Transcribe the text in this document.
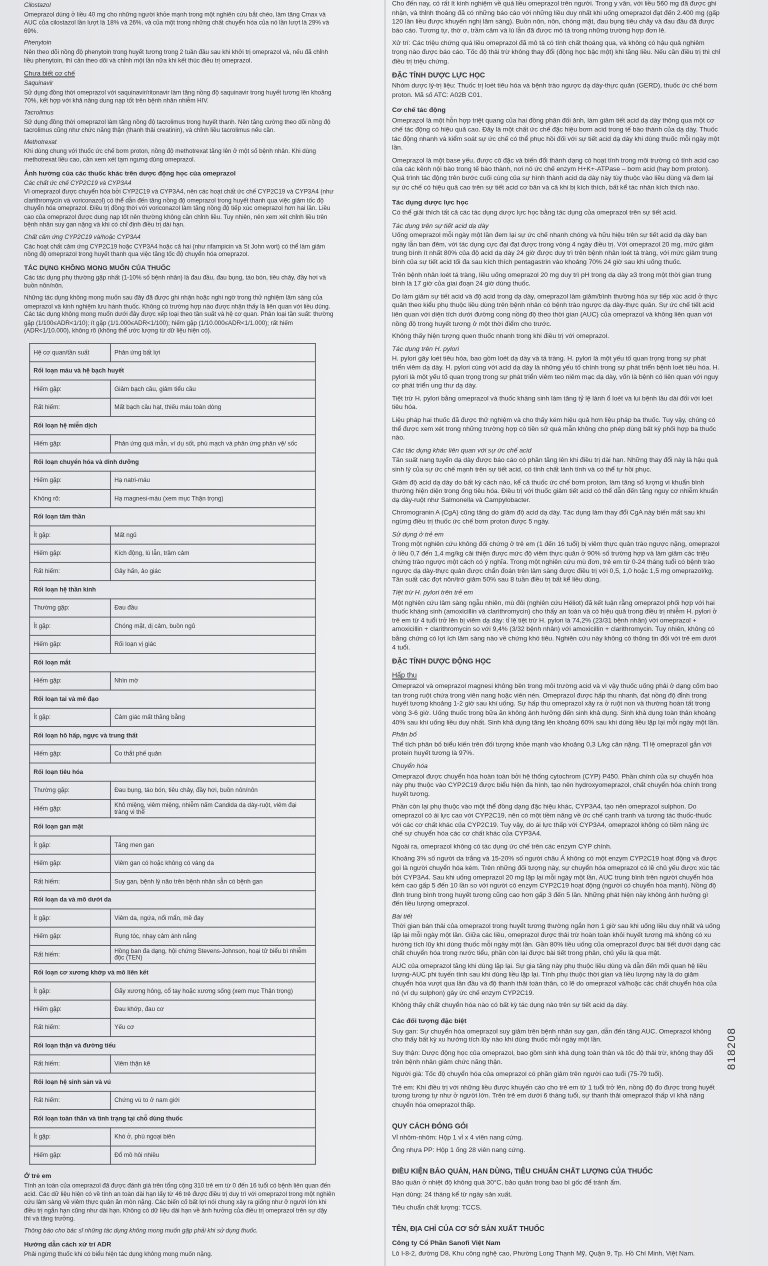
Cilostazol
Omeprazol dùng ở liều 40 mg cho những người khỏe mạnh trong một nghiên cứu bắt chéo, làm tăng Cmax và AUC của cilostazol lần lượt là 18% và 26%, và của một trong những chất chuyển hóa của nó lần lượt là 29% và 69%.
Phenytoin
Nên theo dõi nồng độ phenytoin trong huyết tương trong 2 tuần đầu sau khi khởi trị omeprazol và, nếu đã chỉnh liều phenytoin, thì cần theo dõi và chỉnh một lần nữa khi kết thúc điều trị omeprazol.
Chưa biết cơ chế
Saquinavir
Sử dụng đồng thời omeprazol với saquinavir/ritonavir làm tăng nồng độ saquinavir trong huyết tương lên khoảng 70%, kết hợp với khả năng dung nạp tốt trên bệnh nhân nhiễm HIV.
Tacrolimus
Sử dụng đồng thời omeprazol làm tăng nồng độ tacrolimus trong huyết thanh. Nên tăng cường theo dõi nồng độ tacrolimus cũng như chức năng thận (thanh thải creatinin), và chỉnh liều tacrolimus nếu cần.
Methotrexat
Khi dùng chung với thuốc ức chế bơm proton, nồng độ methotrexat tăng lên ở một số bệnh nhân. Khi dùng methotrexat liều cao, cần xem xét tạm ngưng dùng omeprazol.
Ảnh hưởng của các thuốc khác trên dược động học của omeprazol
Các chất ức chế CYP2C19 và CYP3A4
Vì omeprazol được chuyển hóa bởi CYP2C19 và CYP3A4, nên các hoạt chất ức chế CYP2C19 và CYP3A4 (như clarithromycin và voriconazol) có thể dẫn đến tăng nồng độ omeprazol trong huyết thanh qua việc giảm tốc độ chuyển hóa omeprazol. Điều trị đồng thời với voriconazol làm tăng nồng độ tiếp xúc omeprazol hơn hai lần. Liều cao của omeprazol được dung nạp tốt nên thường không cần chỉnh liều. Tuy nhiên, nên xem xét chỉnh liều trên bệnh nhân suy gan nặng và khi có chỉ định điều trị dài hạn.
Chất cảm ứng CYP2C19 và/hoặc CYP3A4
Các hoạt chất cảm ứng CYP2C19 hoặc CYP3A4 hoặc cả hai (như rifampicin và St John wort) có thể làm giảm nồng độ omeprazol trong huyết thanh qua việc tăng tốc độ chuyển hóa omeprazol.
TÁC DỤNG KHÔNG MONG MUỐN CỦA THUỐC
Các tác dụng phụ thường gặp nhất (1-10% số bệnh nhân) là đau đầu, đau bụng, táo bón, tiêu chảy, đầy hơi và buồn nôn/nôn.
Những tác dụng không mong muốn sau đây đã được ghi nhận hoặc nghi ngờ trong thử nghiệm lâm sàng của omeprazol và kinh nghiệm lưu hành thuốc. Không có trường hợp nào được nhận thấy là liên quan với liều dùng. Các tác dụng không mong muốn dưới đây được xếp loại theo tần suất và hệ cơ quan. Phân loại tần suất: thường gặp (1/100≤ADR<1/10); ít gặp (1/1.000≤ADR<1/100); hiếm gặp (1/10.000≤ADR<1/1.000); rất hiếm (ADR<1/10.000), không rõ (không thể ước lượng từ dữ liệu hiện có).
Hệ cơ quan/tần suất	Phản ứng bất lợi
Rối loạn máu và hệ bạch huyết	
Hiếm gặp:	Giảm bạch cầu, giảm tiểu cầu
Rất hiếm:	Mất bạch cầu hạt, thiếu máu toàn dòng
Rối loạn hệ miễn dịch	
Hiếm gặp:	Phản ứng quá mẫn, ví dụ sốt, phù mạch và phản ứng phản vệ/ sốc
Rối loạn chuyển hóa và dinh dưỡng	
Hiếm gặp:	Hạ natri-máu
Không rõ:	Hạ magnesi-máu (xem mục Thận trọng)
Rối loạn tâm thần	
Ít gặp:	Mất ngủ
Hiếm gặp:	Kích động, lú lẫn, trầm cảm
Rất hiếm:	Gây hấn, ảo giác
Rối loạn hệ thần kinh	
Thường gặp:	Đau đầu
Ít gặp:	Chóng mặt, dị cảm, buồn ngủ
Hiếm gặp:	Rối loạn vị giác
Rối loạn mắt	
Hiếm gặp:	Nhìn mờ
Rối loạn tai và mê đạo	
Ít gặp:	Cảm giác mất thăng bằng
Rối loạn hô hấp, ngực và trung thất	
Hiếm gặp:	Co thắt phế quản
Rối loạn tiêu hóa	
Thường gặp:	Đau bụng, táo bón, tiêu chảy, đầy hơi, buồn nôn/nôn
Hiếm gặp:	Khô miệng, viêm miệng, nhiễm nấm Candida dạ dày-ruột, viêm đại tràng vi thể
Rối loạn gan mật	
Ít gặp:	Tăng men gan
Hiếm gặp:	Viêm gan có hoặc không có vàng da
Rất hiếm:	Suy gan, bệnh lý não trên bệnh nhân sẵn có bệnh gan
Rối loạn da và mô dưới da	
Ít gặp:	Viêm da, ngứa, nổi mẩn, mề đay
Hiếm gặp:	Rụng tóc, nhạy cảm ánh nắng
Rất hiếm:	Hồng ban đa dạng, hội chứng Stevens-Johnson, hoại tử biểu bì nhiễm độc (TEN)
Rối loạn cơ xương khớp và mô liên kết	
Ít gặp:	Gãy xương hông, cổ tay hoặc xương sống (xem mục Thận trọng)
Hiếm gặp:	Đau khớp, đau cơ
Rất hiếm:	Yếu cơ
Rối loạn thận và đường tiểu	
Rất hiếm:	Viêm thận kẽ
Rối loạn hệ sinh sản và vú	
Rất hiếm:	Chứng vú to ở nam giới
Rối loạn toàn thân và tình trạng tại chỗ dùng thuốc	
Ít gặp:	Khó ở, phù ngoại biên
Hiếm gặp:	Đổ mồ hôi nhiều
Ở trẻ em
Tính an toàn của omeprazol đã được đánh giá trên tổng cộng 310 trẻ em từ 0 đến 16 tuổi có bệnh liên quan đến acid. Các dữ liệu hiện có về tính an toàn dài hạn lấy từ 46 trẻ được điều trị duy trì với omeprazol trong một nghiên cứu lâm sàng về viêm thực quản ăn mòn nặng. Các biến cố bất lợi nói chung xảy ra giống như ở người lớn khi điều trị ngắn hạn cũng như dài hạn. Không có dữ liệu dài hạn về ảnh hưởng của điều trị omeprazol trên sự dậy thì và tăng trưởng.
Thông báo cho bác sĩ những tác dụng không mong muốn gặp phải khi sử dụng thuốc.
Hướng dẫn cách xử trí ADR
Phải ngừng thuốc khi có biểu hiện tác dụng không mong muốn nặng.
Cho đến nay, có rất ít kinh nghiệm về quá liều omeprazol trên người. Trong y văn, với liều 560 mg đã được ghi nhận, và thỉnh thoảng đã có những báo cáo với những liều duy nhất khi uống omeprazol đạt đến 2.400 mg (gấp 120 lần liều được khuyến nghị lâm sàng). Buồn nôn, nôn, chóng mặt, đau bụng tiêu chảy và đau đầu đã được báo cáo. Tương tự, thờ ơ, trầm cảm và lú lẫn đã được mô tả trong những trường hợp đơn lẻ.
Xử trí: Các triệu chứng quá liều omeprazol đã mô tả có tính chất thoáng qua, và không có hậu quả nghiêm trọng nào được báo cáo. Tốc độ thải trừ không thay đổi (động học bậc một) khi tăng liều. Nếu cần điều trị thì chỉ điều trị triệu chứng.
ĐẶC TÍNH DƯỢC LỰC HỌC
Nhóm dược lý-trị liệu: Thuốc trị loét tiêu hóa và bệnh trào ngược dạ dày-thực quản (GERD), thuốc ức chế bơm proton. Mã số ATC: A02B C01.
Cơ chế tác động
Omeprazol là một hỗn hợp triệt quang của hai đồng phân đối ảnh, làm giảm tiết acid dạ dày thông qua một cơ chế tác động có hiệu quả cao. Đây là một chất ức chế đặc hiệu bơm acid trong tế bào thành của dạ dày. Thuốc tác động nhanh và kiểm soát sự ức chế có thể phục hồi đối với sự tiết acid dạ dày khi dùng thuốc mỗi ngày một lần.
Omeprazol là một base yếu, được cô đặc và biến đổi thành dạng có hoạt tính trong môi trường có tính acid cao của các kênh nội bào trong tế bào thành, nơi nó ức chế enzym H+K+-ATPase – bơm acid (hay bơm proton). Quá trình tác động trên bước cuối cùng của sự hình thành acid dạ dày này tùy thuộc vào liều dùng và đem lại sự ức chế có hiệu quả cao trên sự tiết acid cơ bản và cả khi bị kích thích, bất kể tác nhân kích thích nào.
Tác dụng dược lực học
Có thể giải thích tất cả các tác dụng dược lực học bằng tác dụng của omeprazol trên sự tiết acid.
Tác dụng trên sự tiết acid dạ dày
Uống omeprazol mỗi ngày một lần đem lại sự ức chế nhanh chóng và hữu hiệu trên sự tiết acid dạ dày ban ngày lẫn ban đêm, với tác dụng cực đại đạt được trong vòng 4 ngày điều trị. Với omeprazol 20 mg, mức giảm trung bình ít nhất 80% của độ acid dạ dày 24 giờ được duy trì trên bệnh nhân loét tá tràng, với mức giảm trung bình của sự tiết acid tối đa sau kích thích pentagastrin vào khoảng 70% 24 giờ sau khi uống thuốc.
Trên bệnh nhân loét tá tràng, liều uống omeprazol 20 mg duy trì pH trong dạ dày ≥3 trong một thời gian trung bình là 17 giờ của giai đoạn 24 giờ dùng thuốc.
Do làm giảm sự tiết acid và độ acid trong dạ dày, omeprazol làm giảm/bình thường hóa sự tiếp xúc acid ở thực quản theo kiểu phụ thuộc liều dùng trên bệnh nhân có bệnh trào ngược dạ dày-thực quản. Sự ức chế tiết acid liên quan với diện tích dưới đường cong nồng độ theo thời gian (AUC) của omeprazol và không liên quan với nồng độ trong huyết tương ở một thời điểm cho trước.
Không thấy hiện tượng quen thuốc nhanh trong khi điều trị với omeprazol.
Tác dụng trên H. pylori
H. pylori gây loét tiêu hóa, bao gồm loét dạ dày và tá tràng. H. pylori là một yếu tố quan trọng trong sự phát triển viêm dạ dày. H. pylori cùng với acid dạ dày là những yếu tố chính trong sự phát triển bệnh loét tiêu hóa. H. pylori là một yếu tố quan trọng trong sự phát triển viêm teo niêm mạc dạ dày, vốn là bệnh có liên quan với nguy cơ phát triển ung thư dạ dày.
Tiệt trừ H. pylori bằng omeprazol và thuốc kháng sinh làm tăng tỷ lệ lành ổ loét và lui bệnh lâu dài đối với loét tiêu hóa.
Liệu pháp hai thuốc đã được thử nghiệm và cho thấy kém hiệu quả hơn liệu pháp ba thuốc. Tuy vậy, chúng có thể được xem xét trong những trường hợp có tiền sử quá mẫn không cho phép dùng bất kỳ phối hợp ba thuốc nào.
Các tác dụng khác liên quan với sự ức chế acid
Tần suất nang tuyến dạ dày được báo cáo có phần tăng lên khi điều trị dài hạn. Những thay đổi này là hậu quả sinh lý của sự ức chế mạnh trên sự tiết acid, có tính chất lành tính và có thể tự hồi phục.
Giảm độ acid dạ dày do bất kỳ cách nào, kể cả thuốc ức chế bơm proton, làm tăng số lượng vi khuẩn bình thường hiện diện trong ống tiêu hóa. Điều trị với thuốc giảm tiết acid có thể dẫn đến tăng nguy cơ nhiễm khuẩn dạ dày-ruột như Salmonella và Campylobacter.
Chromogranin A (CgA) cũng tăng do giảm độ acid dạ dày. Tác dụng làm thay đổi CgA này biến mất sau khi ngừng điều trị thuốc ức chế bơm proton được 5 ngày.
Sử dụng ở trẻ em
Trong một nghiên cứu không đối chứng ở trẻ em (1 đến 16 tuổi) bị viêm thực quản trào ngược nặng, omeprazol ở liều 0,7 đến 1,4 mg/kg cải thiện được mức độ viêm thực quản ở 90% số trường hợp và làm giảm các triệu chứng trào ngược một cách có ý nghĩa. Trong một nghiên cứu mù đơn, trẻ em từ 0-24 tháng tuổi có bệnh trào ngược dạ dày-thực quản được chẩn đoán trên lâm sàng được điều trị với 0,5, 1,0 hoặc 1,5 mg omeprazol/kg. Tần suất các đợt nôn/trớ giảm 50% sau 8 tuần điều trị bất kể liều dùng.
Tiệt trừ H. pylori trên trẻ em
Một nghiên cứu lâm sàng ngẫu nhiên, mù đôi (nghiên cứu Héliot) đã kết luận rằng omeprazol phối hợp với hai thuốc kháng sinh (amoxicillin và clarithromycin) cho thấy an toàn và có hiệu quả trong điều trị nhiễm H. pylori ở trẻ em từ 4 tuổi trở lên bị viêm dạ dày: tỉ lệ tiệt trừ H. pylori là 74,2% (23/31 bệnh nhân) với omeprazol + amoxicillin + clarithromycin so với 9,4% (3/32 bệnh nhân) với amoxicillin + clarithromycin. Tuy nhiên, không có bằng chứng có lợi ích lâm sàng nào về chứng khó tiêu. Nghiên cứu này không có thông tin đối với trẻ em dưới 4 tuổi.
ĐẶC TÍNH DƯỢC ĐỘNG HỌC
Hấp thu
Omeprazol và omeprazol magnesi không bền trong môi trường acid và vì vậy thuốc uống phải ở dạng cốm bao tan trong ruột chứa trong viên nang hoặc viên nén. Omeprazol được hấp thu nhanh, đạt nồng độ đỉnh trong huyết tương khoảng 1-2 giờ sau khi uống. Sự hấp thu omeprazol xảy ra ở ruột non và thường hoàn tất trong vòng 3-6 giờ. Uống thuốc trong bữa ăn không ảnh hưởng đến sinh khả dụng. Sinh khả dụng toàn thân khoảng 40% sau khi uống liều duy nhất. Sinh khả dụng tăng lên khoảng 60% sau khi dùng liều lặp lại mỗi ngày một lần.
Phân bố
Thể tích phân bố biểu kiến trên đối tượng khỏe mạnh vào khoảng 0,3 L/kg cân nặng. Tỉ lệ omeprazol gắn với protein huyết tương là 97%.
Chuyển hóa
Omeprazol được chuyển hóa hoàn toàn bởi hệ thống cytochrom (CYP) P450. Phần chính của sự chuyển hóa này phụ thuộc vào CYP2C19 được biểu hiện đa hình, tạo nên hydroxyomeprazol, chất chuyển hóa chính trong huyết tương.
Phần còn lại phụ thuộc vào một thể đồng dạng đặc hiệu khác, CYP3A4, tạo nên omeprazol sulphon. Do omeprazol có ái lực cao với CYP2C19, nên có một tiềm năng về ức chế cạnh tranh và tương tác thuốc-thuốc với các cơ chất khác của CYP2C19. Tuy vậy, do ái lực thấp với CYP3A4, omeprazol không có tiềm năng ức chế sự chuyển hóa các cơ chất khác của CYP3A4.
Ngoài ra, omeprazol không có tác dụng ức chế trên các enzym CYP chính.
Khoảng 3% số người da trắng và 15-20% số người châu Á không có một enzym CYP2C19 hoạt động và được gọi là người chuyển hóa kém. Trên những đối tượng này, sự chuyển hóa omeprazol có lẽ chủ yếu được xúc tác bởi CYP3A4. Sau khi uống omeprazol 20 mg lặp lại mỗi ngày một lần, AUC trung bình trên người chuyển hóa kém cao gấp 5 đến 10 lần so với người có enzym CYP2C19 hoạt động (người có chuyển hóa mạnh). Nồng độ đỉnh trung bình trong huyết tương cũng cao hơn gấp 3 đến 5 lần. Những phát hiện này không ảnh hưởng gì đến liều lượng omeprazol.
Bài tiết
Thời gian bán thải của omeprazol trong huyết tương thường ngắn hơn 1 giờ sau khi uống liều duy nhất và uống lặp lại mỗi ngày một lần. Giữa các liều, omeprazol được thải trừ hoàn toàn khỏi huyết tương mà không có xu hướng tích lũy khi dùng thuốc mỗi ngày một lần. Gần 80% liều uống của omeprazol được bài tiết dưới dạng các chất chuyển hóa trong nước tiểu, phần còn lại được bài tiết trong phân, chủ yếu là qua mật.
AUC của omeprazol tăng khi dùng lặp lại. Sự gia tăng này phụ thuộc liều dùng và dẫn đến mối quan hệ liều lượng-AUC phi tuyến tính sau khi dùng liều lặp lại. Tính phụ thuộc thời gian và liều lượng này là do giảm chuyển hóa vượt qua lần đầu và độ thanh thải toàn thân, có lẽ do omeprazol và/hoặc các chất chuyển hóa của nó (ví dụ sulphon) gây ức chế enzym CYP2C19.
Không thấy chất chuyển hóa nào có bất kỳ tác dụng nào trên sự tiết acid dạ dày.
Các đối tượng đặc biệt
Suy gan: Sự chuyển hóa omeprazol suy giảm trên bệnh nhân suy gan, dẫn đến tăng AUC. Omeprazol không cho thấy bất kỳ xu hướng tích lũy nào khi dùng thuốc mỗi ngày một lần.
Suy thận: Dược động học của omeprazol, bao gồm sinh khả dụng toàn thân và tốc độ thải trừ, không thay đổi trên bệnh nhân giảm chức năng thận.
Người già: Tốc độ chuyển hóa của omeprazol có phần giảm trên người cao tuổi (75-79 tuổi).
Trẻ em: Khi điều trị với những liều được khuyến cáo cho trẻ em từ 1 tuổi trở lên, nồng độ đo được trong huyết tương tương tự như ở người lớn. Trên trẻ em dưới 6 tháng tuổi, sự thanh thải omeprazol thấp vì khả năng chuyển hóa omeprazol thấp.
QUY CÁCH ĐÓNG GÓI
Vỉ nhôm-nhôm: Hộp 1 vỉ x 4 viên nang cứng.
Ống nhựa PP: Hộp 1 ống 28 viên nang cứng.
ĐIỀU KIỆN BẢO QUẢN, HẠN DÙNG, TIÊU CHUẨN CHẤT LƯỢNG CỦA THUỐC
Bảo quản ở nhiệt độ không quá 30°C, bảo quản trong bao bì gốc để tránh ẩm.
Hạn dùng: 24 tháng kể từ ngày sản xuất.
Tiêu chuẩn chất lượng: TCCS.
TÊN, ĐỊA CHỈ CỦA CƠ SỞ SẢN XUẤT THUỐC
Công ty Cổ Phần Sanofi Việt Nam
Lô I-8-2, đường D8, Khu công nghệ cao, Phường Long Thạnh Mỹ, Quận 9, Tp. Hồ Chí Minh, Việt Nam.
818208
